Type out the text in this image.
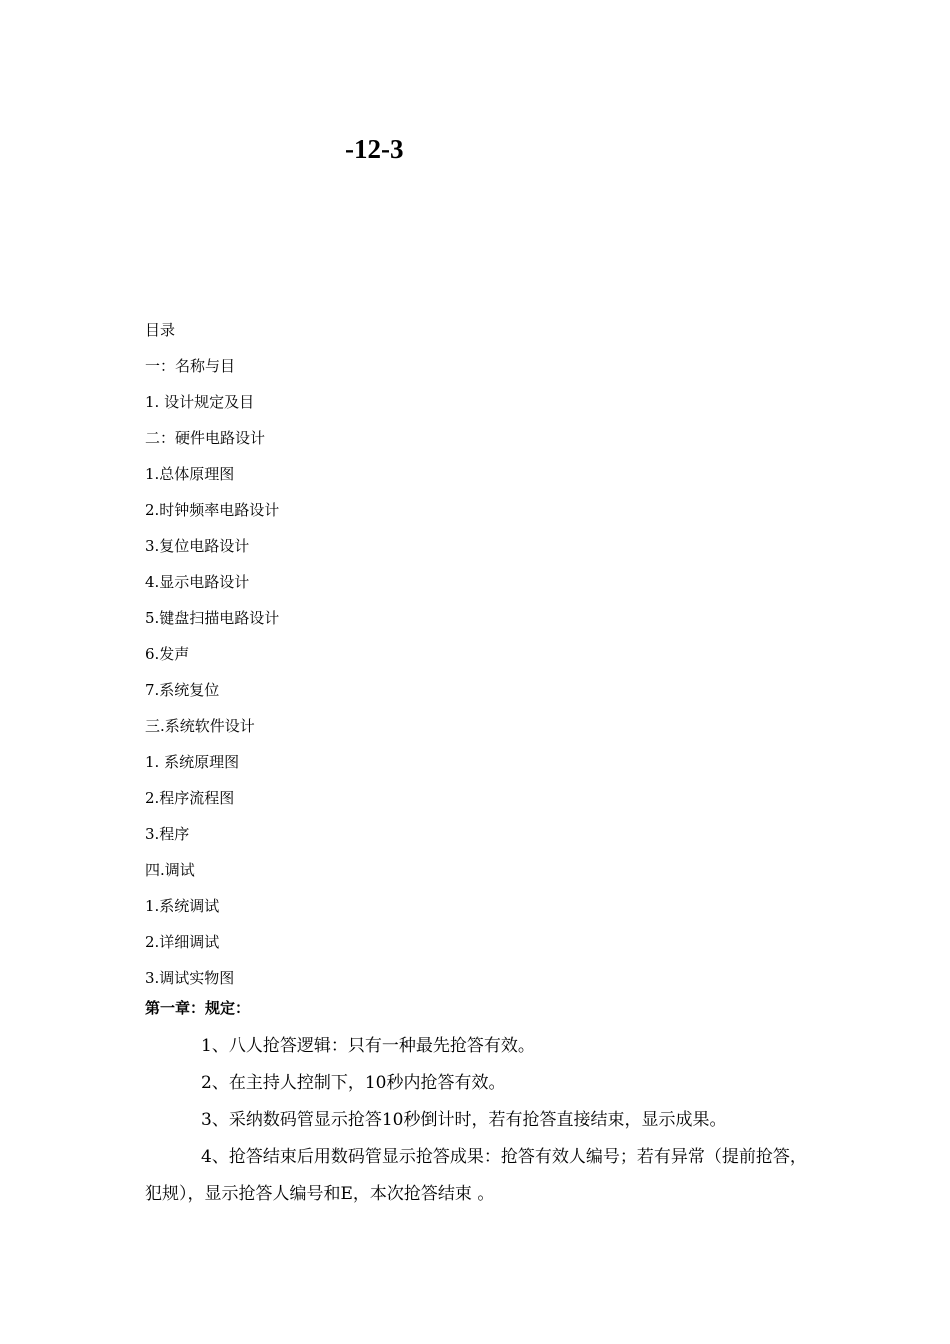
-12-3
目录
一：名称与目
1. 设计规定及目
二：硬件电路设计
1.总体原理图
2.时钟频率电路设计
3.复位电路设计
4.显示电路设计
5.键盘扫描电路设计
6.发声
7.系统复位
三.系统软件设计
1. 系统原理图
2.程序流程图
3.程序
四.调试
1.系统调试
2.详细调试
3.调试实物图
第一章：规定：

1、八人抢答逻辑：只有一种最先抢答有效。

2、在主持人控制下，10秒内抢答有效。

3、采纳数码管显示抢答10秒倒计时，若有抢答直接结束，显示成果。

4、抢答结束后用数码管显示抢答成果：抢答有效人编号；若有异常（提前抢答，犯规），显示抢答人编号和E，本次抢答结束 。
